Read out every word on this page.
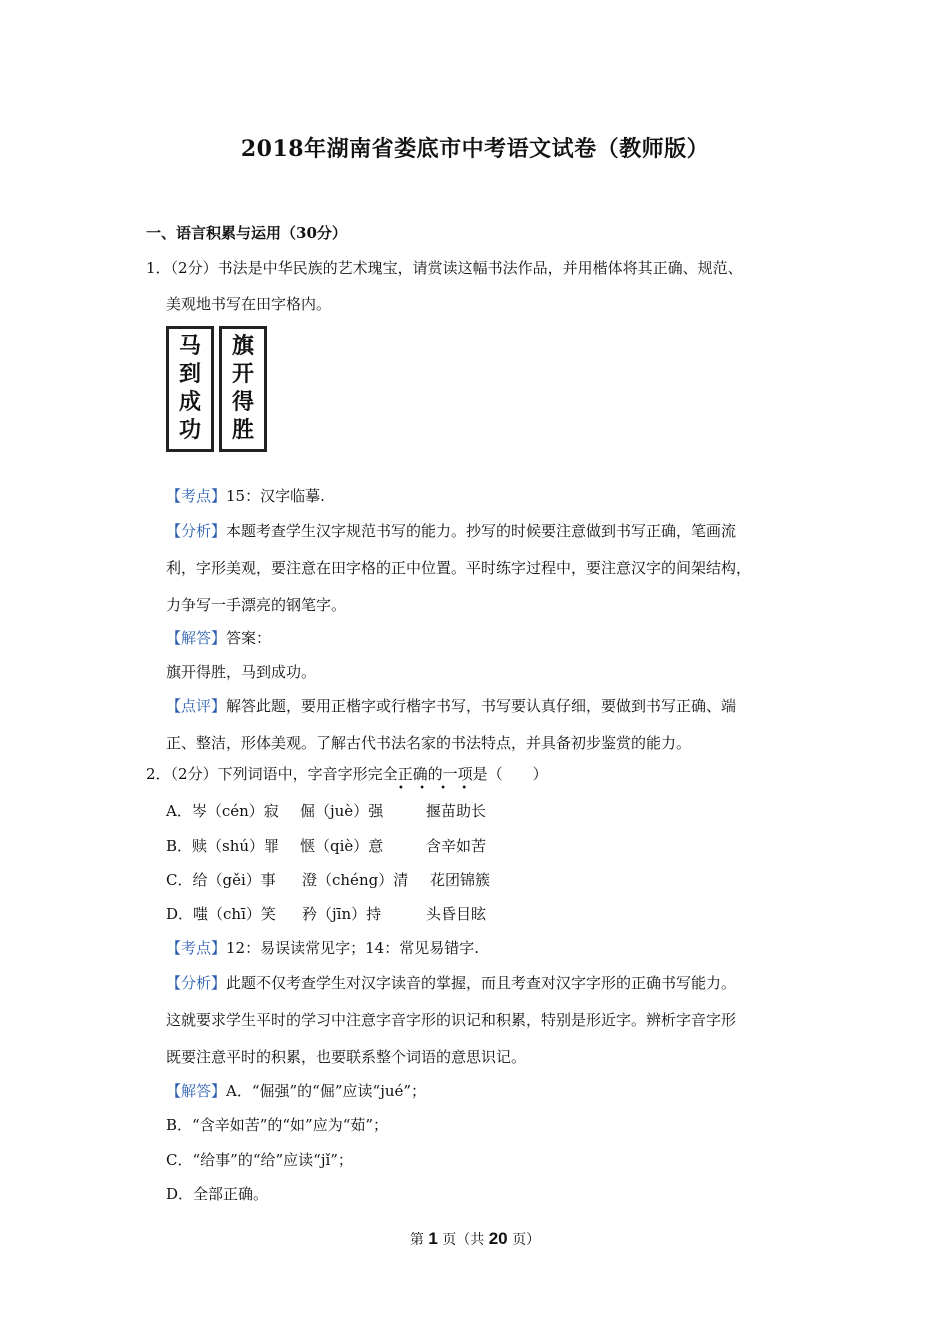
2018年湖南省娄底市中考语文试卷（教师版）
一、语言积累与运用（30分）
1．（2分）书法是中华民族的艺术瑰宝，请赏读这幅书法作品，并用楷体将其正确、规范、
美观地书写在田字格内。
马
到
成
功
旗
开
得
胜
【考点】15：汉字临摹.
【分析】本题考查学生汉字规范书写的能力。抄写的时候要注意做到书写正确，笔画流
利，字形美观，要注意在田字格的正中位置。平时练字过程中，要注意汉字的间架结构，
力争写一手漂亮的钢笔字。
【解答】答案：
旗开得胜，马到成功。
【点评】解答此题，要用正楷字或行楷字书写，书写要认真仔细，要做到书写正确、端
正、整洁，形体美观。了解古代书法名家的书法特点，并具备初步鉴赏的能力。
2．（2分）下列词语中，字音字形完全正确的一项是（　　）
• • • •
A．岑（cén）寂 倔（juè）强	揠苗助长
B．赎（shú）罪 惬（qiè）意	含辛如苦
C．给（gěi）事 澄（chéng）清 花团锦簇
D．嗤（chī）笑 矜（jīn）持	头昏目眩
【考点】12：易误读常见字；14：常见易错字.
【分析】此题不仅考查学生对汉字读音的掌握，而且考查对汉字字形的正确书写能力。
这就要求学生平时的学习中注意字音字形的识记和积累，特别是形近字。辨析字音字形
既要注意平时的积累，也要联系整个词语的意思识记。
【解答】A．“倔强”的“倔”应读“jué”；
B．“含辛如苦”的“如”应为“茹”；
C．“给事”的“给”应读“jǐ”；
D．全部正确。
第 1 页（共 20 页）
